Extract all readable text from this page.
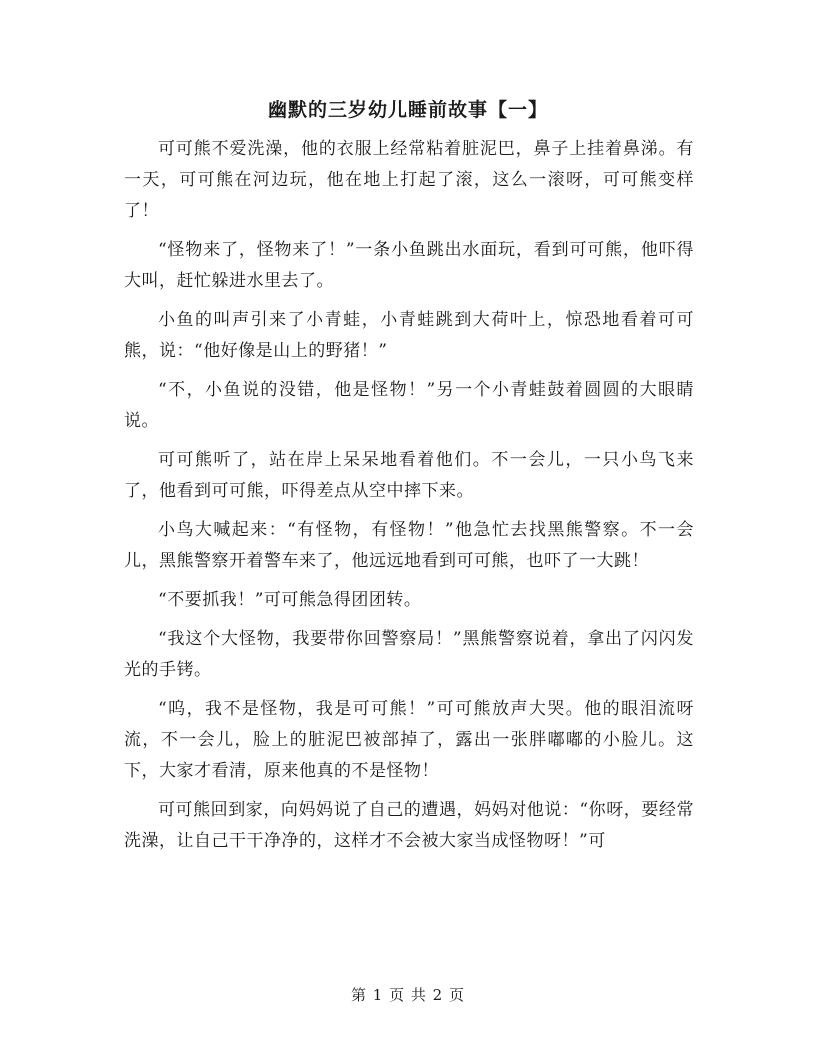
幽默的三岁幼儿睡前故事【一】

可可熊不爱洗澡，他的衣服上经常粘着脏泥巴，鼻子上挂着鼻涕。有一天，可可熊在河边玩，他在地上打起了滚，这么一滚呀，可可熊变样了！

“怪物来了，怪物来了！”一条小鱼跳出水面玩，看到可可熊，他吓得大叫，赶忙躲进水里去了。

小鱼的叫声引来了小青蛙，小青蛙跳到大荷叶上，惊恐地看着可可熊，说：“他好像是山上的野猪！”

“不，小鱼说的没错，他是怪物！”另一个小青蛙鼓着圆圆的大眼睛说。

可可熊听了，站在岸上呆呆地看着他们。不一会儿，一只小鸟飞来了，他看到可可熊，吓得差点从空中摔下来。

小鸟大喊起来：“有怪物，有怪物！”他急忙去找黑熊警察。不一会儿，黑熊警察开着警车来了，他远远地看到可可熊，也吓了一大跳！

“不要抓我！”可可熊急得团团转。

“我这个大怪物，我要带你回警察局！”黑熊警察说着，拿出了闪闪发光的手铐。

“呜，我不是怪物，我是可可熊！”可可熊放声大哭。他的眼泪流呀流，不一会儿，脸上的脏泥巴被部掉了，露出一张胖嘟嘟的小脸儿。这下，大家才看清，原来他真的不是怪物！

可可熊回到家，向妈妈说了自己的遭遇，妈妈对他说：“你呀，要经常洗澡，让自己干干净净的，这样才不会被大家当成怪物呀！”可

第 1 页 共 2 页
